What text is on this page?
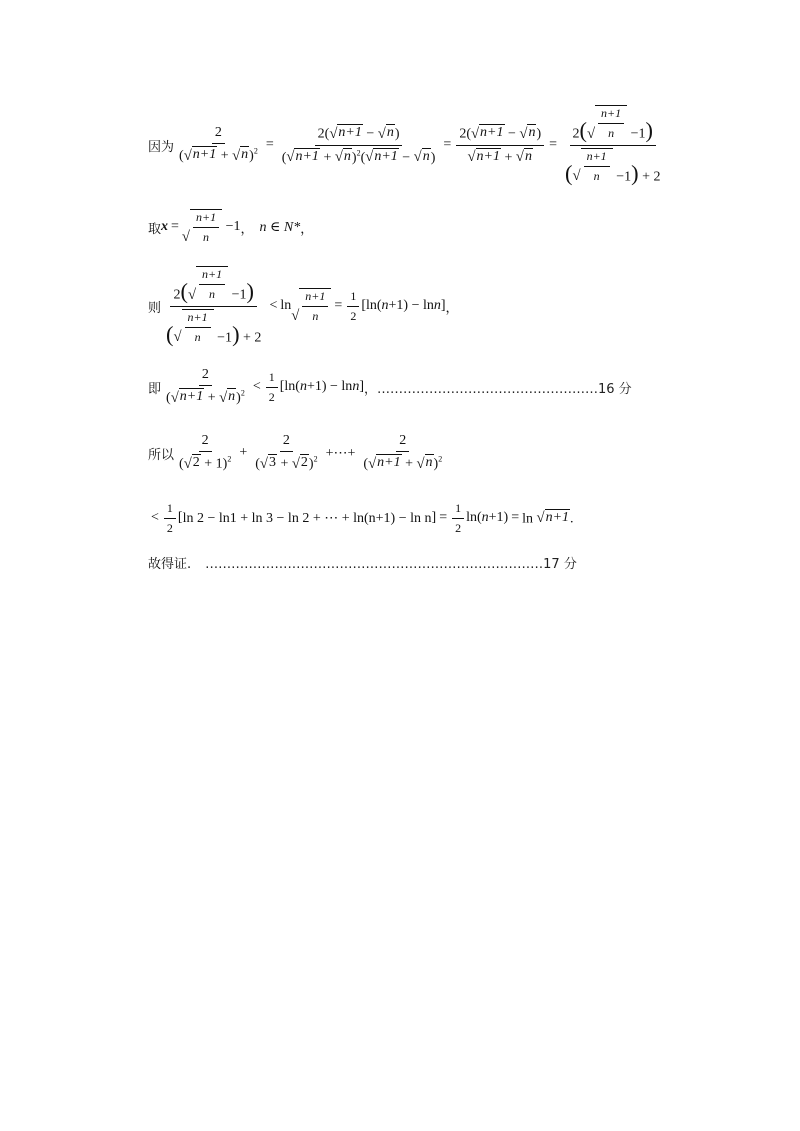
因为 $\frac{2}{( √ n+1 + √ n )^2} = \frac{2( √ n+1 - √ n )}{( √ n+1 + √ n )^2( √ n+1 - √ n )} = \frac{2( √ n+1 - √ n )}{√ n+1 + √ n} = \frac{2( √ \frac{n+1}{n} -1)}{( √ \frac{n+1}{n} -1) + 2}$
取 x =
√ $\frac{n+1}{n} -1$ ， n ∈ N* ，
则 $\frac{2( √ \frac{n+1}{n} -1)}{( √ \frac{n+1}{n} -1) + 2} < \ln$
√ $\frac{n+1}{n} = \frac{1}{2} [\ln(n+1) - \ln n]$ ，
即 $\frac{2}{( √ n+1 + √ n )^2} < \frac{1}{2} [\ln(n+1) - \ln n]$ ，……………………………………………16 分
所以 $\frac{2}{( √ 2 + 1)^2} + \frac{2}{( √ 3 + √ 2 )^2}$ +⋯+ $\frac{2}{( √ n+1 + √ n )^2}$
< $\frac{1}{2}$ [ ln 2 − ln1 + ln 3 − ln 2 + ⋯ + ln(n+1) − ln n ] = $\frac{1}{2} \ln(n+1) = \ln$ √ n+1 .
故得证. ……………………………………………………………………17 分
